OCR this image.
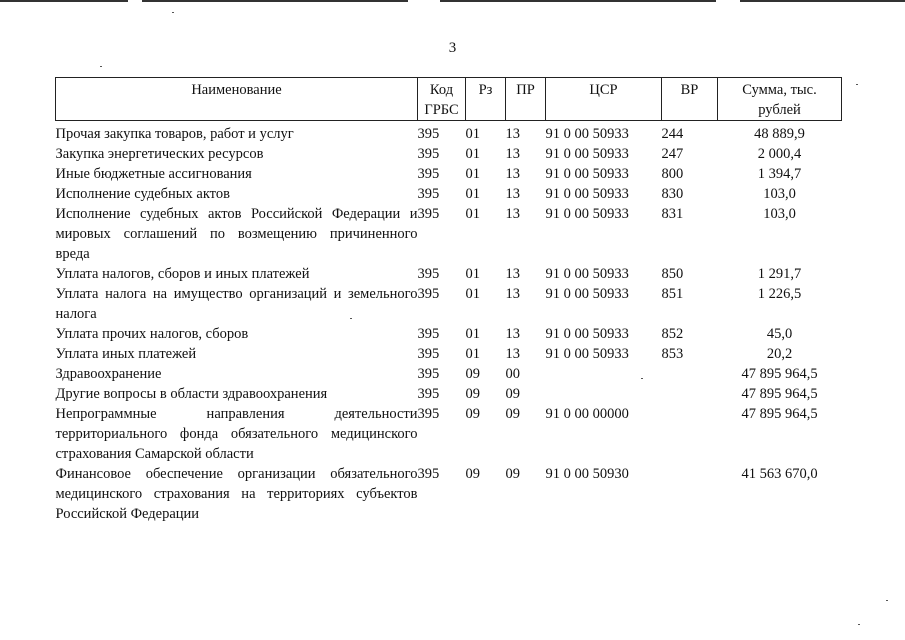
3
Наименование	Код ГРБС	Рз	ПР	ЦСР	ВР	Сумма, тыс. рублей
Прочая закупка товаров, работ и услуг	395	01	13	91 0 00 50933	244	48 889,9
Закупка энергетических ресурсов	395	01	13	91 0 00 50933	247	2 000,4
Иные бюджетные ассигнования	395	01	13	91 0 00 50933	800	1 394,7
Исполнение судебных актов	395	01	13	91 0 00 50933	830	103,0
Исполнение судебных актов Российской Федерации и мировых соглашений по возмещению причиненного вреда	395	01	13	91 0 00 50933	831	103,0
Уплата налогов, сборов и иных платежей	395	01	13	91 0 00 50933	850	1 291,7
Уплата налога на имущество организаций и земельного налога	395	01	13	91 0 00 50933	851	1 226,5
Уплата прочих налогов, сборов	395	01	13	91 0 00 50933	852	45,0
Уплата иных платежей	395	01	13	91 0 00 50933	853	20,2
Здравоохранение	395	09	00			47 895 964,5
Другие вопросы в области здравоохранения	395	09	09			47 895 964,5
Непрограммные направления деятельности территориального фонда обязательного медицинского страхования Самарской области	395	09	09	91 0 00 00000		47 895 964,5
Финансовое обеспечение организации обязательного медицинского страхования на территориях субъектов Российской Федерации	395	09	09	91 0 00 50930		41 563 670,0
